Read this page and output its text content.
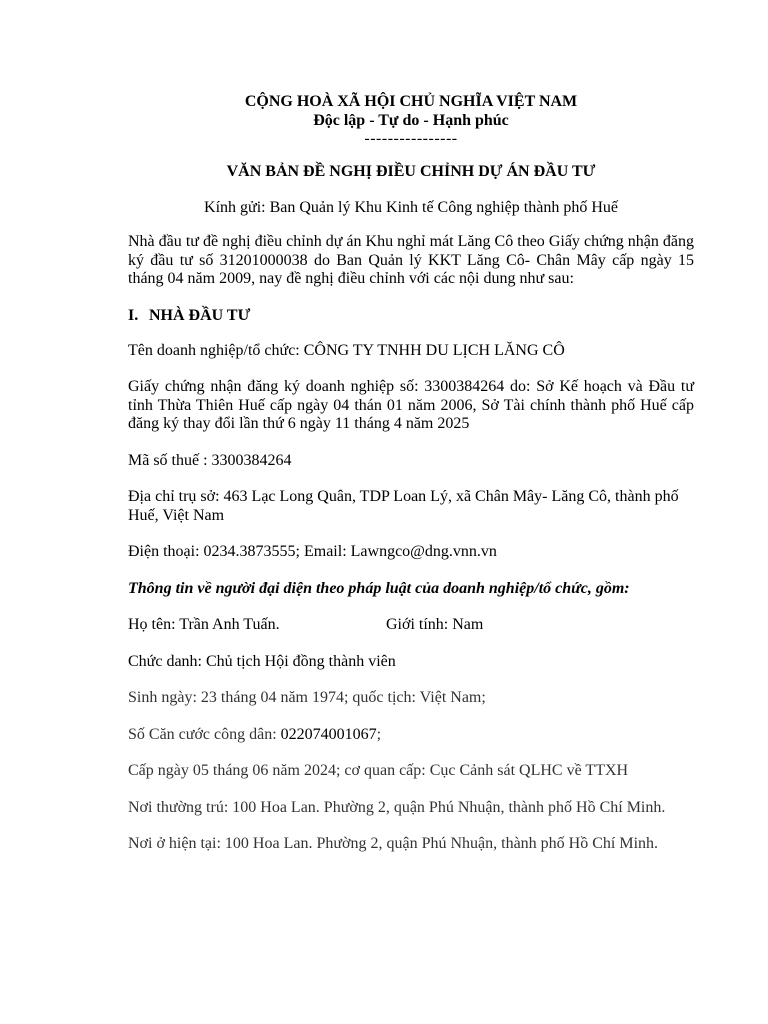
CỘNG HOÀ XÃ HỘI CHỦ NGHĨA VIỆT NAM
Độc lập - Tự do - Hạnh phúc
----------------
VĂN BẢN ĐỀ NGHỊ ĐIỀU CHỈNH DỰ ÁN ĐẦU TƯ
Kính gửi: Ban Quản lý Khu Kinh tế Công nghiệp thành phố Huế

Nhà đầu tư đề nghị điều chỉnh dự án Khu nghỉ mát Lăng Cô theo Giấy chứng nhận đăng ký đầu tư số 31201000038 do Ban Quản lý KKT Lăng Cô- Chân Mây cấp ngày 15 tháng 04 năm 2009, nay đề nghị điều chỉnh với các nội dung như sau:

I. NHÀ ĐẦU TƯ

Tên doanh nghiệp/tổ chức: CÔNG TY TNHH DU LỊCH LĂNG CÔ

Giấy chứng nhận đăng ký doanh nghiệp số: 3300384264 do: Sở Kế hoạch và Đầu tư tỉnh Thừa Thiên Huế cấp ngày 04 thán 01 năm 2006, Sở Tài chính thành phố Huế cấp đăng ký thay đổi lần thứ 6 ngày 11 tháng 4 năm 2025

Mã số thuế : 3300384264

Địa chỉ trụ sở: 463 Lạc Long Quân, TDP Loan Lý, xã Chân Mây- Lăng Cô, thành phố Huế, Việt Nam

Điện thoại: 0234.3873555; Email: Lawngco@dng.vnn.vn

Thông tin về người đại diện theo pháp luật của doanh nghiệp/tổ chức, gồm:

Họ tên: Trần Anh Tuấn.	Giới tính: Nam

Chức danh: Chủ tịch Hội đồng thành viên

Sinh ngày: 23 tháng 04 năm 1974; quốc tịch: Việt Nam;

Số Căn cước công dân: 022074001067;

Cấp ngày 05 tháng 06 năm 2024; cơ quan cấp: Cục Cảnh sát QLHC về TTXH

Nơi thường trú: 100 Hoa Lan. Phường 2, quận Phú Nhuận, thành phố Hồ Chí Minh.

Nơi ở hiện tại: 100 Hoa Lan. Phường 2, quận Phú Nhuận, thành phố Hồ Chí Minh.
